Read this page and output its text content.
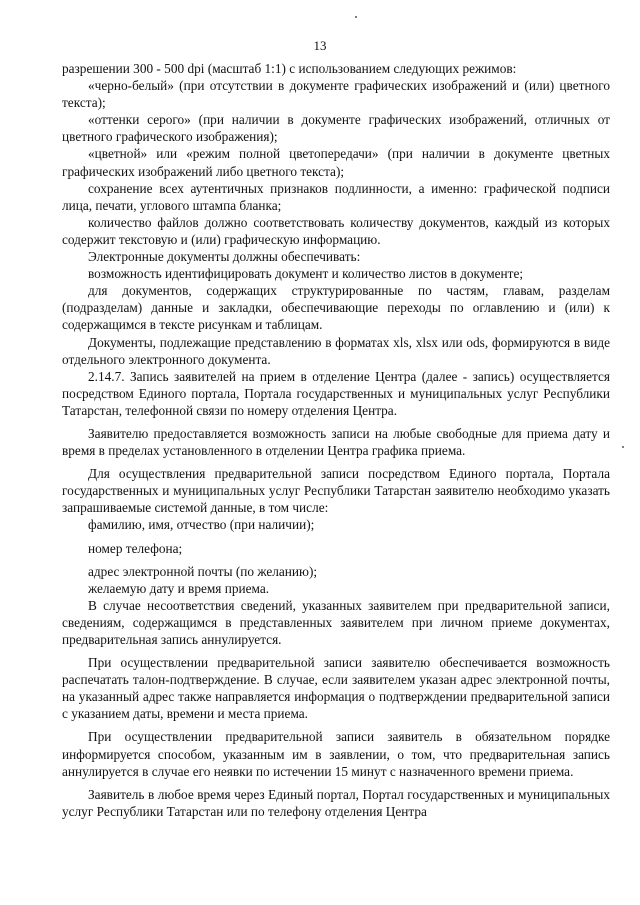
13

разрешении 300 - 500 dpi (масштаб 1:1) с использованием следующих режимов:

«черно-белый» (при отсутствии в документе графических изображений и (или) цветного текста);

«оттенки серого» (при наличии в документе графических изображений, отличных от цветного графического изображения);

«цветной» или «режим полной цветопередачи» (при наличии в документе цветных графических изображений либо цветного текста);

сохранение всех аутентичных признаков подлинности, а именно: графической подписи лица, печати, углового штампа бланка;

количество файлов должно соответствовать количеству документов, каждый из которых содержит текстовую и (или) графическую информацию.

Электронные документы должны обеспечивать:

возможность идентифицировать документ и количество листов в документе;

для документов, содержащих структурированные по частям, главам, разделам (подразделам) данные и закладки, обеспечивающие переходы по оглавлению и (или) к содержащимся в тексте рисункам и таблицам.

Документы, подлежащие представлению в форматах xls, xlsx или ods, формируются в виде отдельного электронного документа.

2.14.7. Запись заявителей на прием в отделение Центра (далее - запись) осуществляется посредством Единого портала, Портала государственных и муниципальных услуг Республики Татарстан, телефонной связи по номеру отделения Центра.

Заявителю предоставляется возможность записи на любые свободные для приема дату и время в пределах установленного в отделении Центра графика приема.

Для осуществления предварительной записи посредством Единого портала, Портала государственных и муниципальных услуг Республики Татарстан заявителю необходимо указать запрашиваемые системой данные, в том числе:

фамилию, имя, отчество (при наличии);

номер телефона;

адрес электронной почты (по желанию);

желаемую дату и время приема.

В случае несоответствия сведений, указанных заявителем при предварительной записи, сведениям, содержащимся в представленных заявителем при личном приеме документах, предварительная запись аннулируется.

При осуществлении предварительной записи заявителю обеспечивается возможность распечатать талон-подтверждение. В случае, если заявителем указан адрес электронной почты, на указанный адрес также направляется информация о подтверждении предварительной записи с указанием даты, времени и места приема.

При осуществлении предварительной записи заявитель в обязательном порядке информируется способом, указанным им в заявлении, о том, что предварительная запись аннулируется в случае его неявки по истечении 15 минут с назначенного времени приема.

Заявитель в любое время через Единый портал, Портал государственных и муниципальных услуг Республики Татарстан или по телефону отделения Центра
